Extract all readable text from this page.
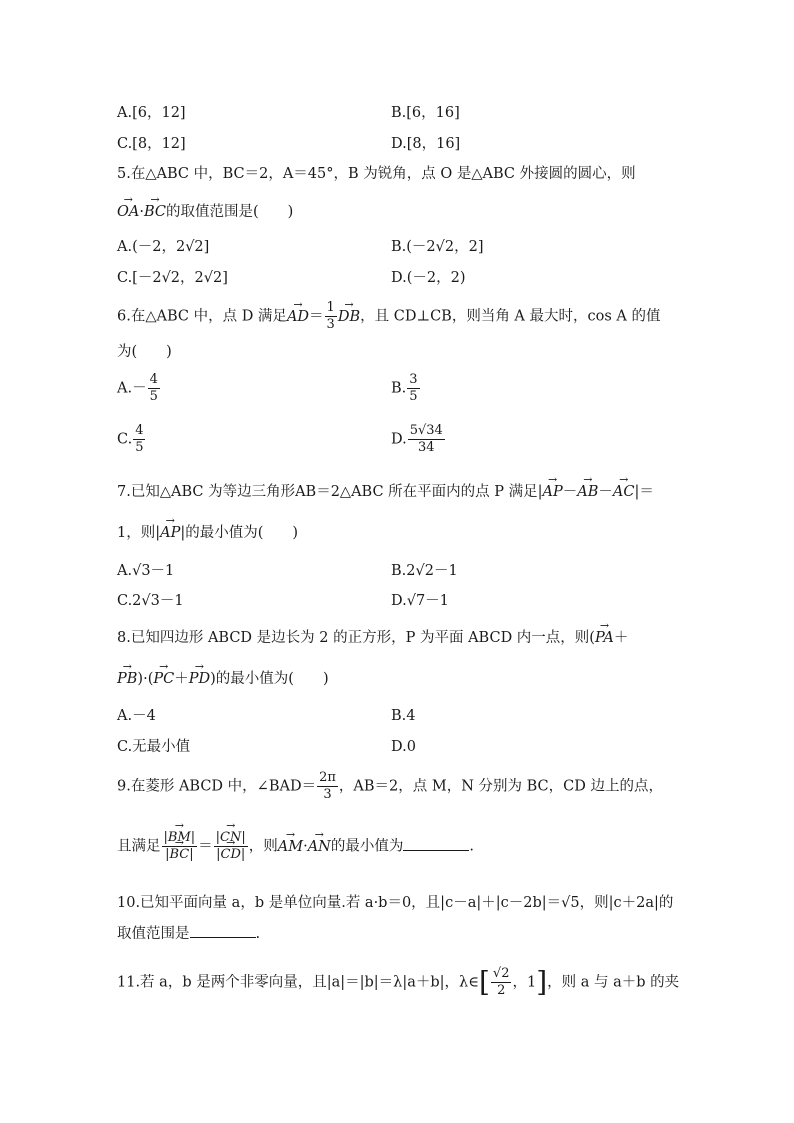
A.[6，12]	B.[6，16]
C.[8，12]	D.[8，16]
5.在△ABC 中，BC＝2，A＝45°，B 为锐角，点 O 是△ABC 外接圆的圆心，则
→ OA·→ BC的取值范围是(　　)
A.(－2，2√2]	B.(－2√2，2]
C.[－2√2，2√2]	D.(－2，2)
6.在△ABC 中，点 D 满足→ $AD= \frac{1}{3}$
→ DB，且 CD⊥CB，则当角 A 最大时，cos A 的值
为(　　)
$A.- \frac{4}{5}$	B. $\frac{3}{5}$
C. $\frac{4}{5}$	D. $\frac{5√34}{34}$
7.已知△ABC 为等边三角形AB＝2△ABC 所在平面内的点 P 满足|→ AP－→ AB－→ AC|＝
1，则|→ AP|的最小值为(　　)
A.√3－1	B.2√2－1
C.2√3－1	D.√7－1
8.已知四边形 ABCD 是边长为 2 的正方形，P 为平面 ABCD 内一点，则(→ PA＋
→ PB)·(→ PC＋→ PD)的最小值为(　　)
A.－4	B.4
C.无最小值	D.0
9.在菱形 ABCD 中，∠BAD＝ $\frac{2\pi}{3}$ ，AB＝2，点 M，N 分别为 BC，CD 边上的点，
且满足 $\frac{|\to BM|}{|\to BC|} = \frac{|\to CN|}{|\to CD|}$ ，则→ AM·→ AN的最小值为	.
10.已知平面向量 a，b 是单位向量.若 a·b＝0，且|c－a|＋|c－2b|＝√5，则|c＋2a|的
取值范围是	.
11.若 a，b 是两个非零向量，且|a|＝|b|＝λ|a＋b|，λ∈[ $\frac{√2}{2}$ ，1]，则 a 与 a＋b 的夹
